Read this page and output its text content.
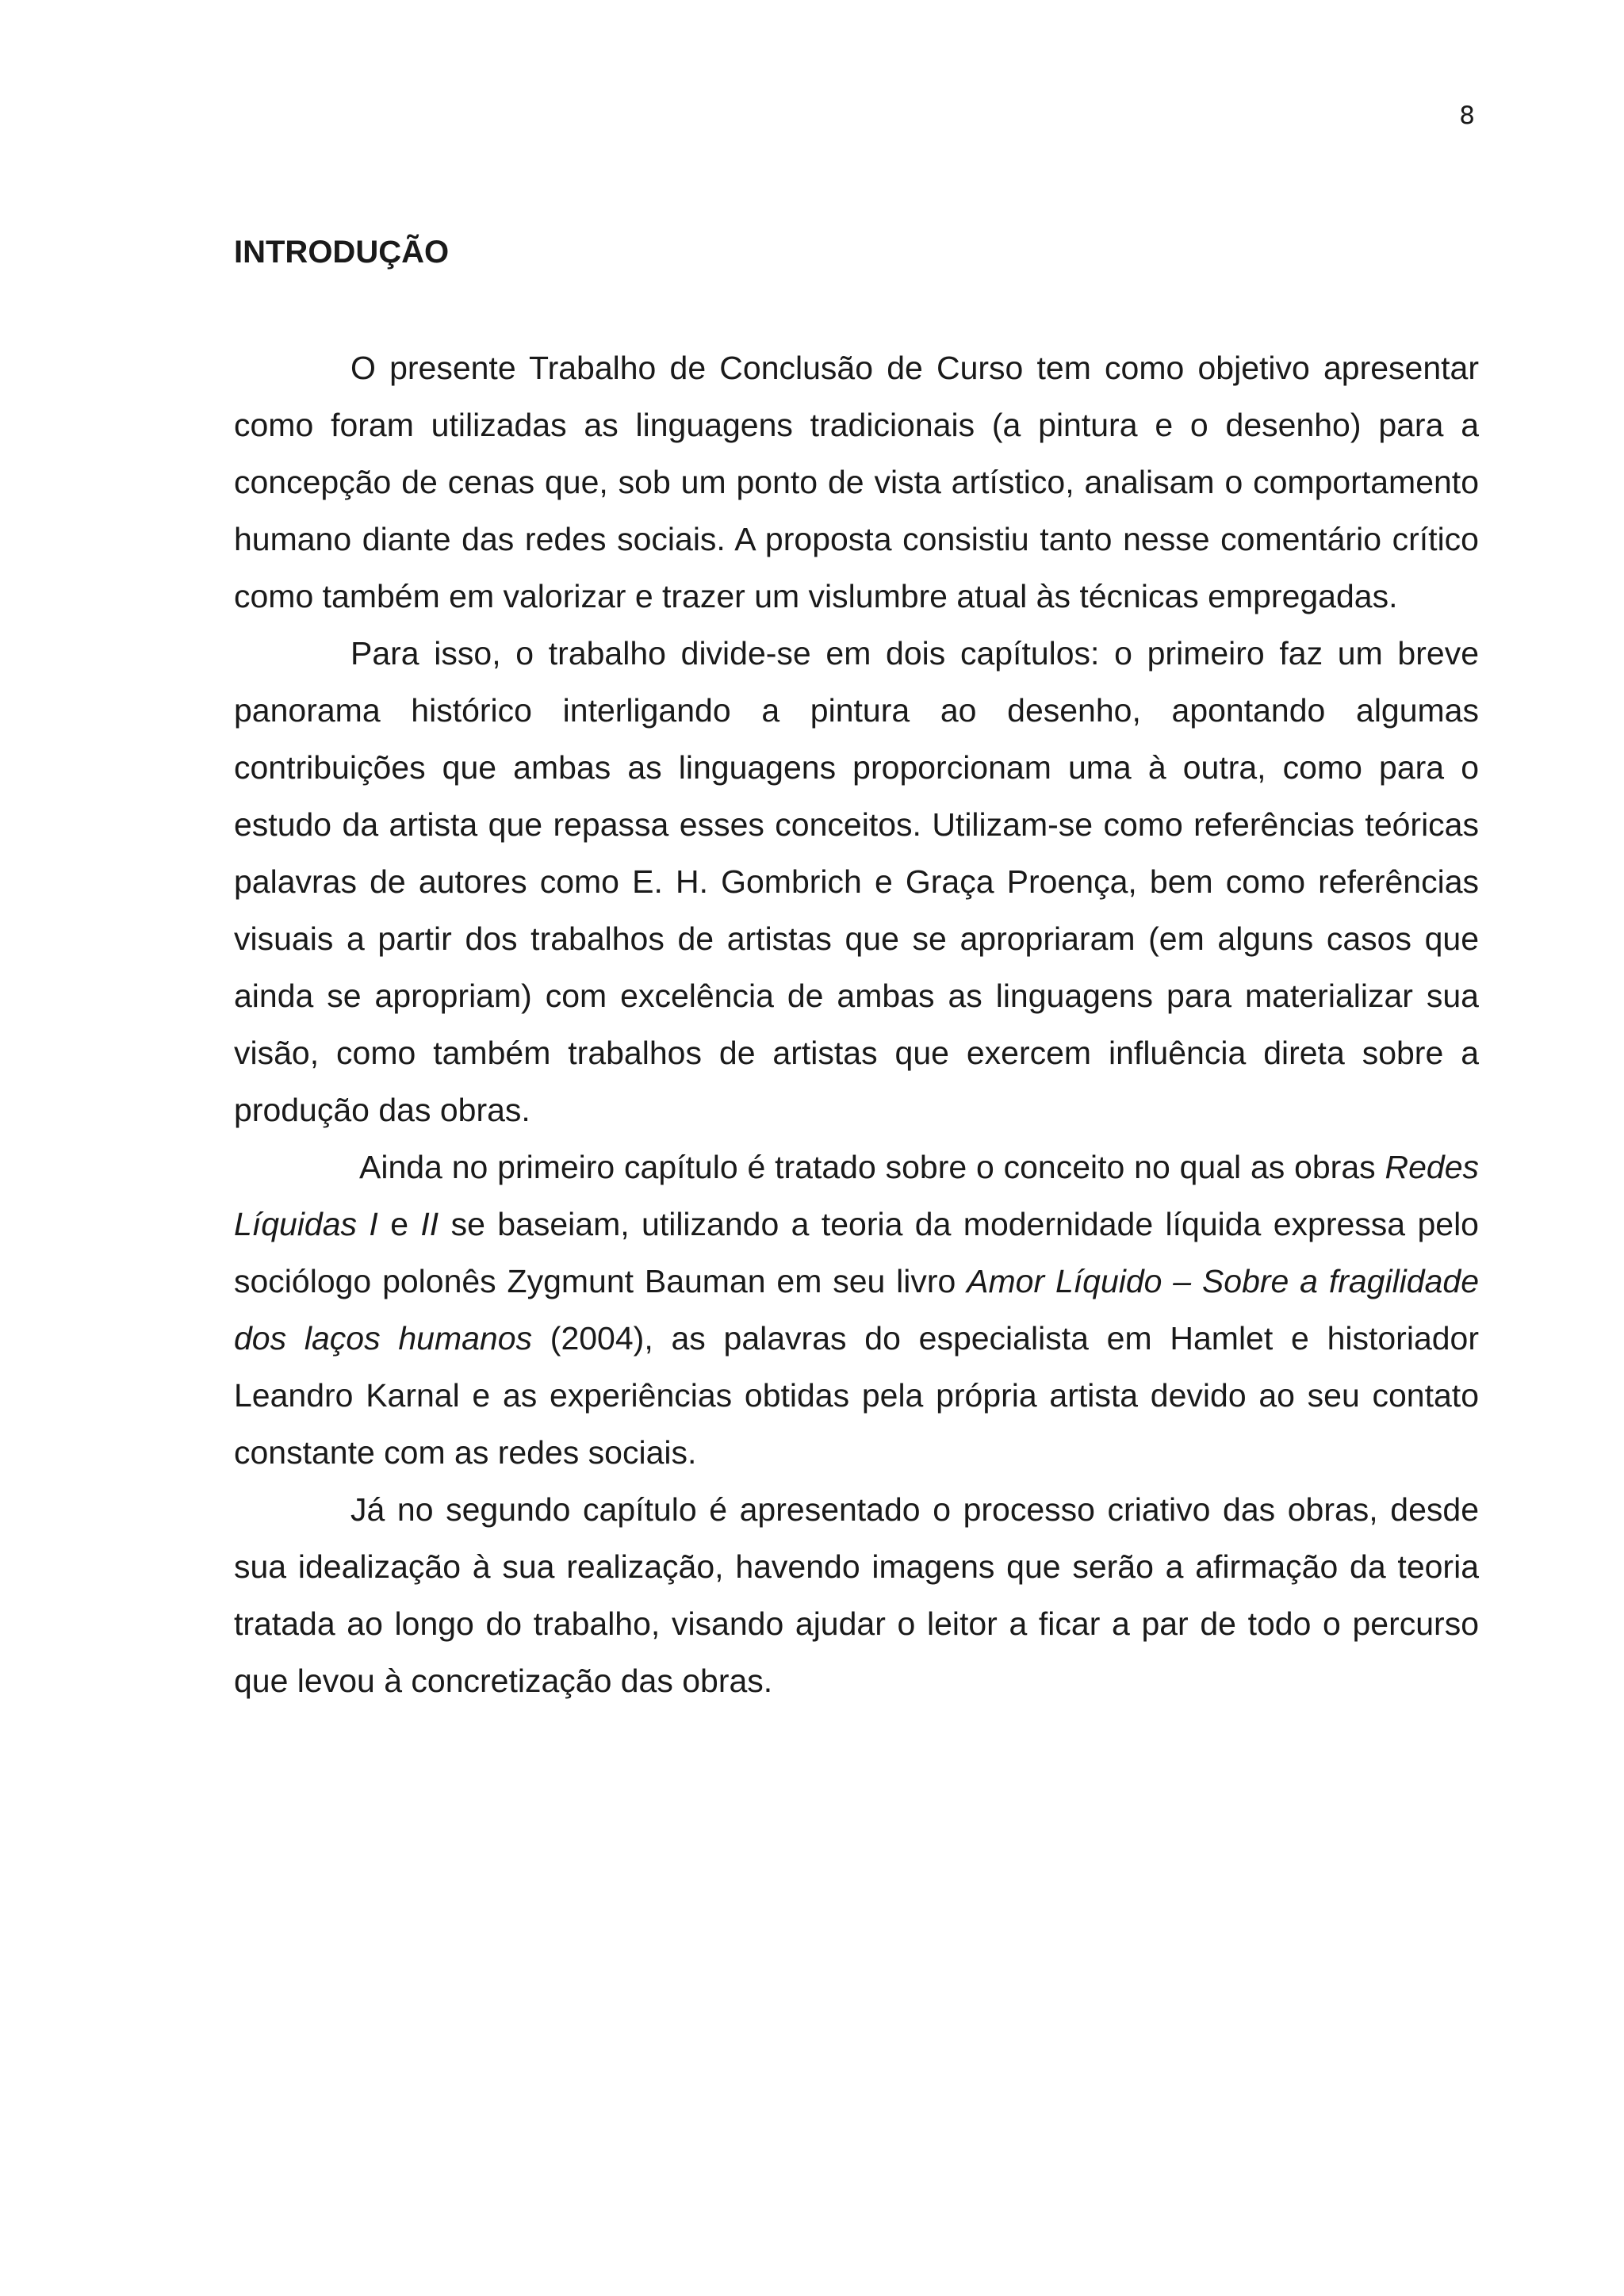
8
INTRODUÇÃO

O presente Trabalho de Conclusão de Curso tem como objetivo apresentar como foram utilizadas as linguagens tradicionais (a pintura e o desenho) para a concepção de cenas que, sob um ponto de vista artístico, analisam o comportamento humano diante das redes sociais. A proposta consistiu tanto nesse comentário crítico como também em valorizar e trazer um vislumbre atual às técnicas empregadas.

Para isso, o trabalho divide-se em dois capítulos: o primeiro faz um breve panorama histórico interligando a pintura ao desenho, apontando algumas contribuições que ambas as linguagens proporcionam uma à outra, como para o estudo da artista que repassa esses conceitos. Utilizam-se como referências teóricas palavras de autores como E. H. Gombrich e Graça Proença, bem como referências visuais a partir dos trabalhos de artistas que se apropriaram (em alguns casos que ainda se apropriam) com excelência de ambas as linguagens para materializar sua visão, como também trabalhos de artistas que exercem influência direta sobre a produção das obras.

Ainda no primeiro capítulo é tratado sobre o conceito no qual as obras Redes Líquidas I e II se baseiam, utilizando a teoria da modernidade líquida expressa pelo sociólogo polonês Zygmunt Bauman em seu livro Amor Líquido – Sobre a fragilidade dos laços humanos (2004), as palavras do especialista em Hamlet e historiador Leandro Karnal e as experiências obtidas pela própria artista devido ao seu contato constante com as redes sociais.

Já no segundo capítulo é apresentado o processo criativo das obras, desde sua idealização à sua realização, havendo imagens que serão a afirmação da teoria tratada ao longo do trabalho, visando ajudar o leitor a ficar a par de todo o percurso que levou à concretização das obras.
